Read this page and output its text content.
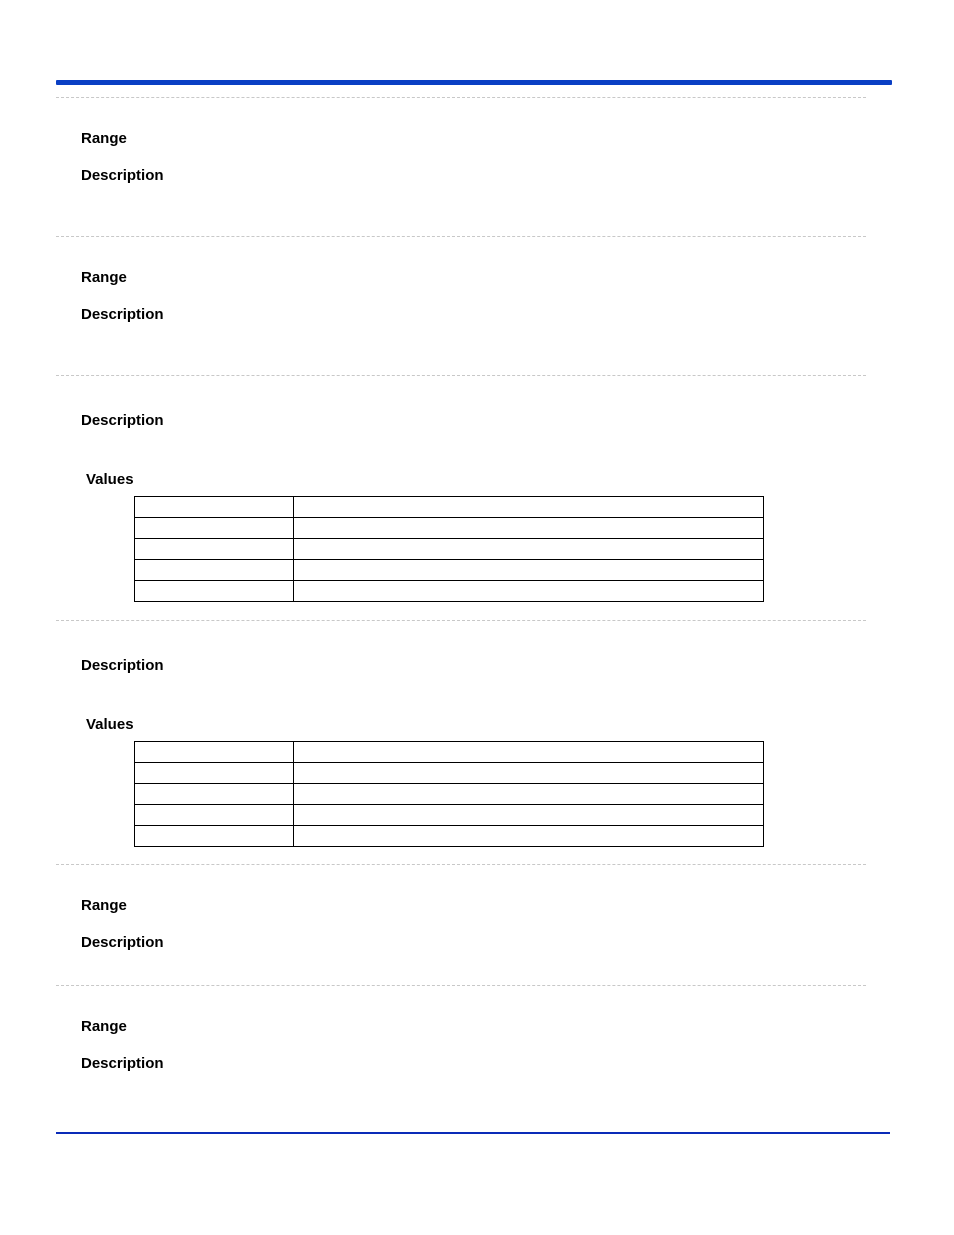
Range
Description
Range
Description
Description
Values

Description
Values

Range
Description
Range
Description
